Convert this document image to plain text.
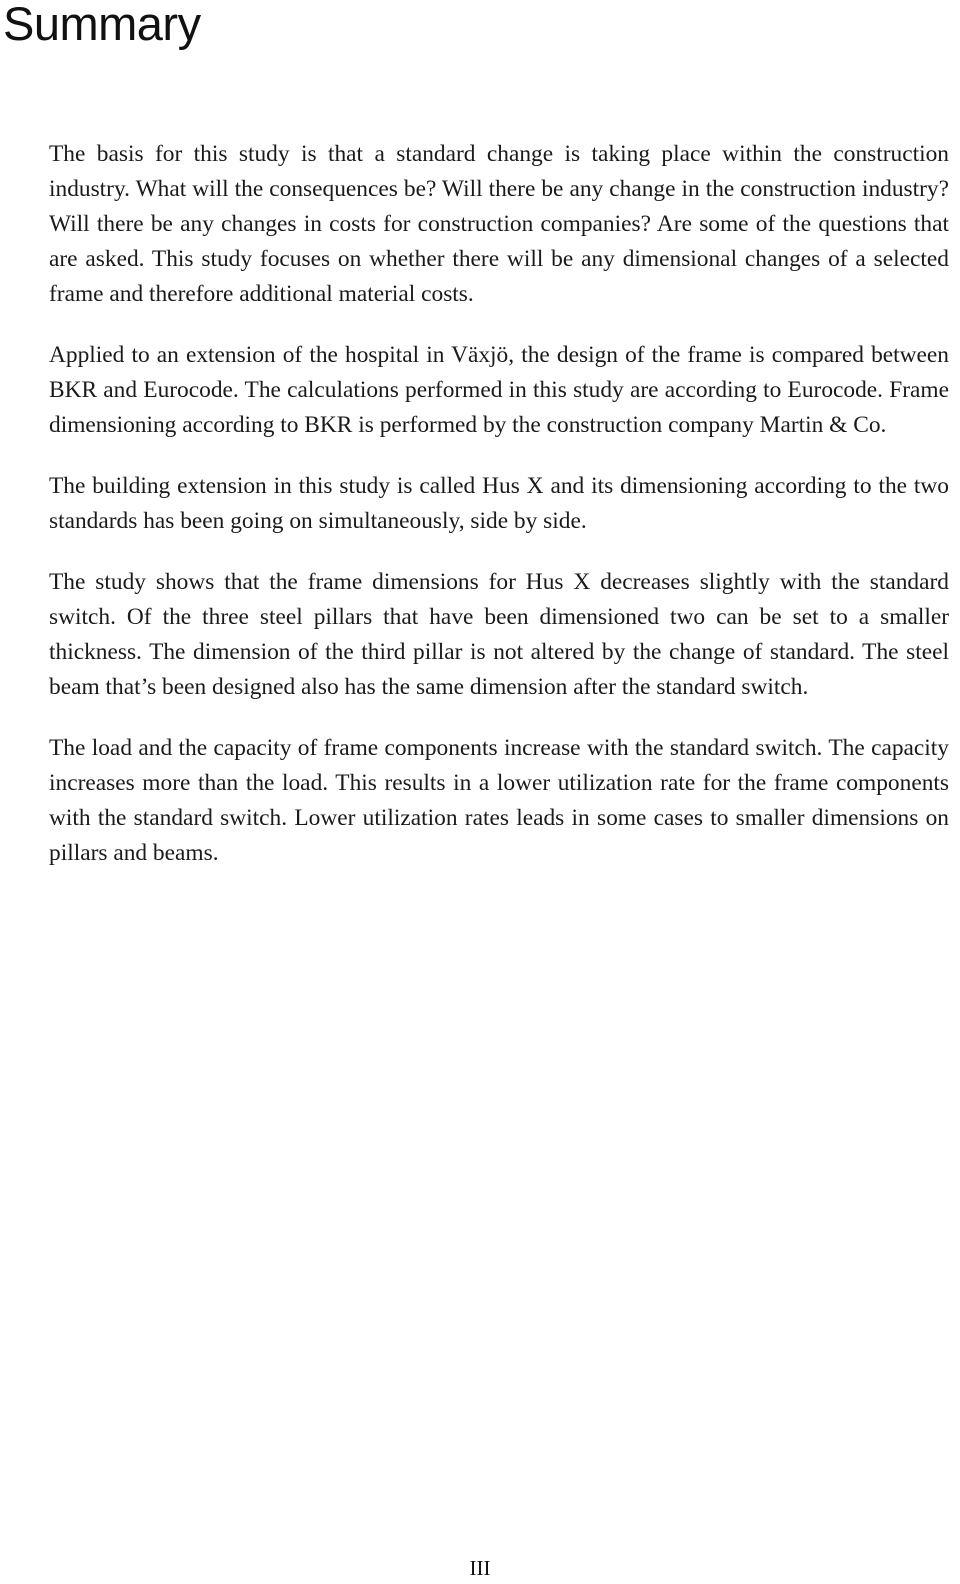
Summary

The basis for this study is that a standard change is taking place within the construction industry. What will the consequences be? Will there be any change in the construction industry? Will there be any changes in costs for construction companies? Are some of the questions that are asked. This study focuses on whether there will be any dimensional changes of a selected frame and therefore additional material costs.

Applied to an extension of the hospital in Växjö, the design of the frame is compared between BKR and Eurocode. The calculations performed in this study are according to Eurocode. Frame dimensioning according to BKR is performed by the construction company Martin & Co.

The building extension in this study is called Hus X and its dimensioning according to the two standards has been going on simultaneously, side by side.

The study shows that the frame dimensions for Hus X decreases slightly with the standard switch. Of the three steel pillars that have been dimensioned two can be set to a smaller thickness. The dimension of the third pillar is not altered by the change of standard. The steel beam that’s been designed also has the same dimension after the standard switch.

The load and the capacity of frame components increase with the standard switch. The capacity increases more than the load. This results in a lower utilization rate for the frame components with the standard switch. Lower utilization rates leads in some cases to smaller dimensions on pillars and beams.

III
